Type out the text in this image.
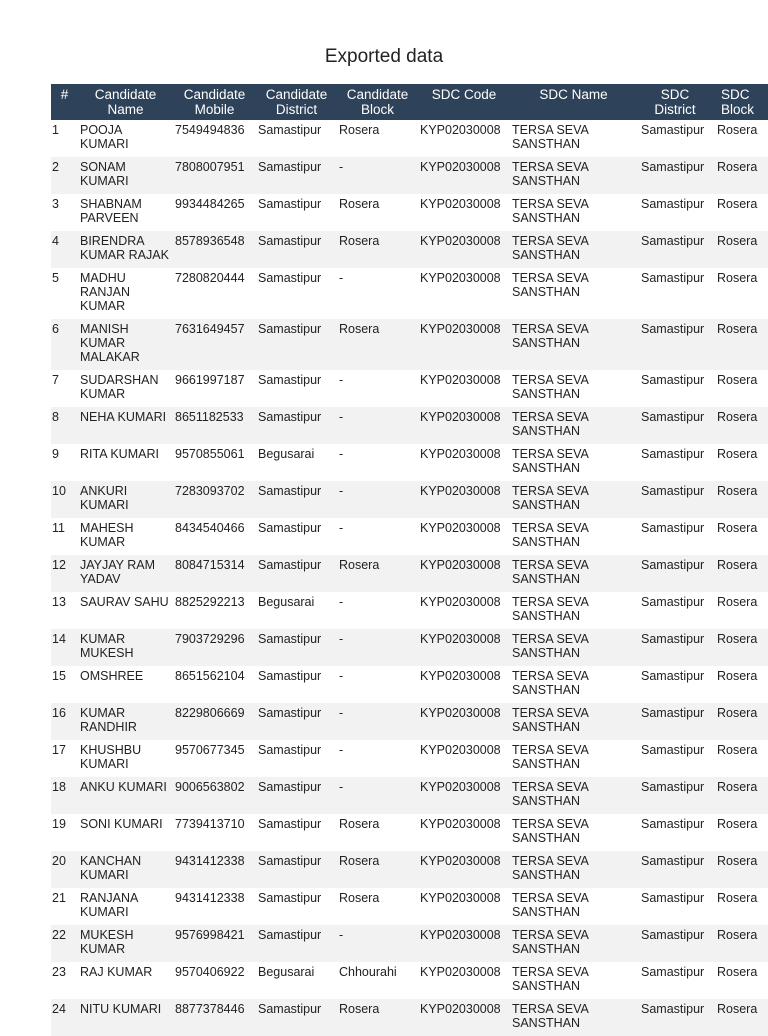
Exported data
#	Candidate Name	Candidate Mobile	Candidate District	Candidate Block	SDC Code	SDC Name	SDC District	SDC Block
1	POOJA KUMARI	7549494836	Samastipur	Rosera	KYP02030008	TERSA SEVA SANSTHAN	Samastipur	Rosera
2	SONAM KUMARI	7808007951	Samastipur	-	KYP02030008	TERSA SEVA SANSTHAN	Samastipur	Rosera
3	SHABNAM PARVEEN	9934484265	Samastipur	Rosera	KYP02030008	TERSA SEVA SANSTHAN	Samastipur	Rosera
4	BIRENDRA KUMAR RAJAK	8578936548	Samastipur	Rosera	KYP02030008	TERSA SEVA SANSTHAN	Samastipur	Rosera
5	MADHU RANJAN KUMAR	7280820444	Samastipur	-	KYP02030008	TERSA SEVA SANSTHAN	Samastipur	Rosera
6	MANISH KUMAR MALAKAR	7631649457	Samastipur	Rosera	KYP02030008	TERSA SEVA SANSTHAN	Samastipur	Rosera
7	SUDARSHAN KUMAR	9661997187	Samastipur	-	KYP02030008	TERSA SEVA SANSTHAN	Samastipur	Rosera
8	NEHA KUMARI	8651182533	Samastipur	-	KYP02030008	TERSA SEVA SANSTHAN	Samastipur	Rosera
9	RITA KUMARI	9570855061	Begusarai	-	KYP02030008	TERSA SEVA SANSTHAN	Samastipur	Rosera
10	ANKURI KUMARI	7283093702	Samastipur	-	KYP02030008	TERSA SEVA SANSTHAN	Samastipur	Rosera
11	MAHESH KUMAR	8434540466	Samastipur	-	KYP02030008	TERSA SEVA SANSTHAN	Samastipur	Rosera
12	JAYJAY RAM YADAV	8084715314	Samastipur	Rosera	KYP02030008	TERSA SEVA SANSTHAN	Samastipur	Rosera
13	SAURAV SAHU	8825292213	Begusarai	-	KYP02030008	TERSA SEVA SANSTHAN	Samastipur	Rosera
14	KUMAR MUKESH	7903729296	Samastipur	-	KYP02030008	TERSA SEVA SANSTHAN	Samastipur	Rosera
15	OMSHREE	8651562104	Samastipur	-	KYP02030008	TERSA SEVA SANSTHAN	Samastipur	Rosera
16	KUMAR RANDHIR	8229806669	Samastipur	-	KYP02030008	TERSA SEVA SANSTHAN	Samastipur	Rosera
17	KHUSHBU KUMARI	9570677345	Samastipur	-	KYP02030008	TERSA SEVA SANSTHAN	Samastipur	Rosera
18	ANKU KUMARI	9006563802	Samastipur	-	KYP02030008	TERSA SEVA SANSTHAN	Samastipur	Rosera
19	SONI KUMARI	7739413710	Samastipur	Rosera	KYP02030008	TERSA SEVA SANSTHAN	Samastipur	Rosera
20	KANCHAN KUMARI	9431412338	Samastipur	Rosera	KYP02030008	TERSA SEVA SANSTHAN	Samastipur	Rosera
21	RANJANA KUMARI	9431412338	Samastipur	Rosera	KYP02030008	TERSA SEVA SANSTHAN	Samastipur	Rosera
22	MUKESH KUMAR	9576998421	Samastipur	-	KYP02030008	TERSA SEVA SANSTHAN	Samastipur	Rosera
23	RAJ KUMAR	9570406922	Begusarai	Chhourahi	KYP02030008	TERSA SEVA SANSTHAN	Samastipur	Rosera
24	NITU KUMARI	8877378446	Samastipur	Rosera	KYP02030008	TERSA SEVA SANSTHAN	Samastipur	Rosera
